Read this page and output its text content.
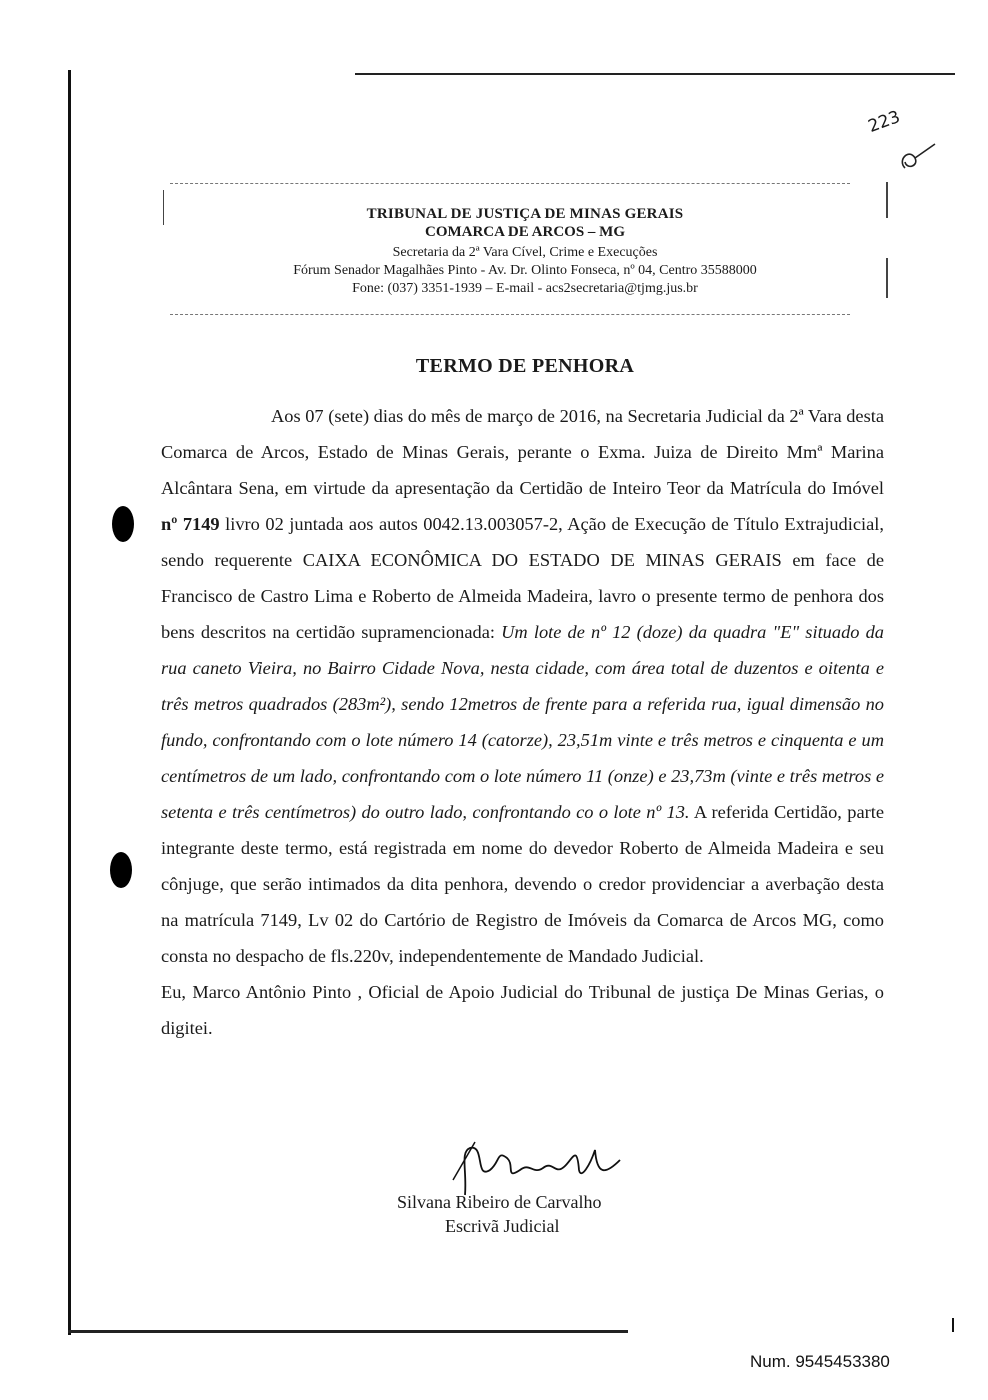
223
TRIBUNAL DE JUSTIÇA DE MINAS GERAIS
COMARCA DE ARCOS – MG
Secretaria da 2ª Vara Cível, Crime e Execuções
Fórum Senador Magalhães Pinto - Av. Dr. Olinto Fonseca, nº 04, Centro 35588000
Fone: (037) 3351-1939 – E-mail - acs2secretaria@tjmg.jus.br
TERMO DE PENHORA

Aos 07 (sete) dias do mês de março de 2016, na Secretaria Judicial da 2ª Vara desta Comarca de Arcos, Estado de Minas Gerais, perante o Exma. Juiza de Direito Mmª Marina Alcântara Sena, em virtude da apresentação da Certidão de Inteiro Teor da Matrícula do Imóvel nº 7149 livro 02 juntada aos autos 0042.13.003057-2, Ação de Execução de Título Extrajudicial, sendo requerente CAIXA ECONÔMICA DO ESTADO DE MINAS GERAIS em face de Francisco de Castro Lima e Roberto de Almeida Madeira, lavro o presente termo de penhora dos bens descritos na certidão supramencionada: Um lote de nº 12 (doze) da quadra "E" situado da rua caneto Vieira, no Bairro Cidade Nova, nesta cidade, com área total de duzentos e oitenta e três metros quadrados (283m²), sendo 12metros de frente para a referida rua, igual dimensão no fundo, confrontando com o lote número 14 (catorze), 23,51m vinte e três metros e cinquenta e um centímetros de um lado, confrontando com o lote número 11 (onze) e 23,73m (vinte e três metros e setenta e três centímetros) do outro lado, confrontando co o lote nº 13. A referida Certidão, parte integrante deste termo, está registrada em nome do devedor Roberto de Almeida Madeira e seu cônjuge, que serão intimados da dita penhora, devendo o credor providenciar a averbação desta na matrícula 7149, Lv 02 do Cartório de Registro de Imóveis da Comarca de Arcos MG, como consta no despacho de fls.220v, independentemente de Mandado Judicial.

Eu, Marco Antônio Pinto , Oficial de Apoio Judicial do Tribunal de justiça De Minas Gerias, o digitei.

Silvana Ribeiro de Carvalho
Escrivã Judicial
Num. 9545453380
